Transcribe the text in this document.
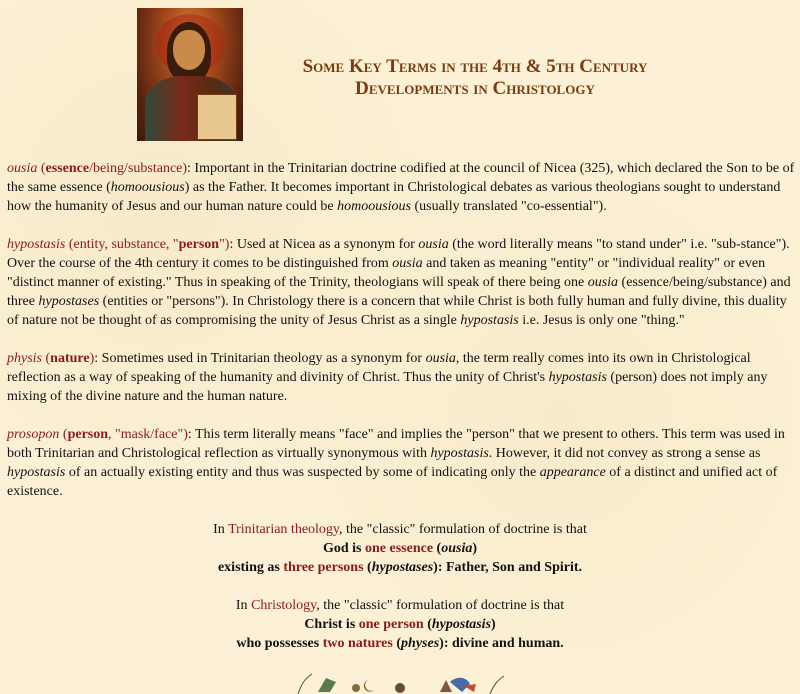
Some Key Terms in the 4th & 5th Century
Developments in Christology

ousia (essence/being/substance): Important in the Trinitarian doctrine codified at the council of Nicea (325), which declared the Son to be of the same essence (homoousious) as the Father. It becomes important in Christological debates as various theologians sought to understand how the humanity of Jesus and our human nature could be homoousious (usually translated "co-essential").

hypostasis (entity, substance, "person"): Used at Nicea as a synonym for ousia (the word literally means "to stand under" i.e. "sub-stance"). Over the course of the 4th century it comes to be distinguished from ousia and taken as meaning "entity" or "individual reality" or even "distinct manner of existing." Thus in speaking of the Trinity, theologians will speak of there being one ousia (essence/being/substance) and three hypostases (entities or "persons"). In Christology there is a concern that while Christ is both fully human and fully divine, this duality of nature not be thought of as compromising the unity of Jesus Christ as a single hypostasis i.e. Jesus is only one "thing."

physis (nature): Sometimes used in Trinitarian theology as a synonym for ousia, the term really comes into its own in Christological reflection as a way of speaking of the humanity and divinity of Christ. Thus the unity of Christ's hypostasis (person) does not imply any mixing of the divine nature and the human nature.

prosopon (person, "mask/face"): This term literally means "face" and implies the "person" that we present to others. This term was used in both Trinitarian and Christological reflection as virtually synonymous with hypostasis. However, it did not convey as strong a sense as hypostasis of an actually existing entity and thus was suspected by some of indicating only the appearance of a distinct and unified act of existence.

In Trinitarian theology, the "classic" formulation of doctrine is that
God is one essence (ousia)
existing as three persons (hypostases): Father, Son and Spirit.

In Christology, the "classic" formulation of doctrine is that
Christ is one person (hypostasis)
who possesses two natures (physes): divine and human.
